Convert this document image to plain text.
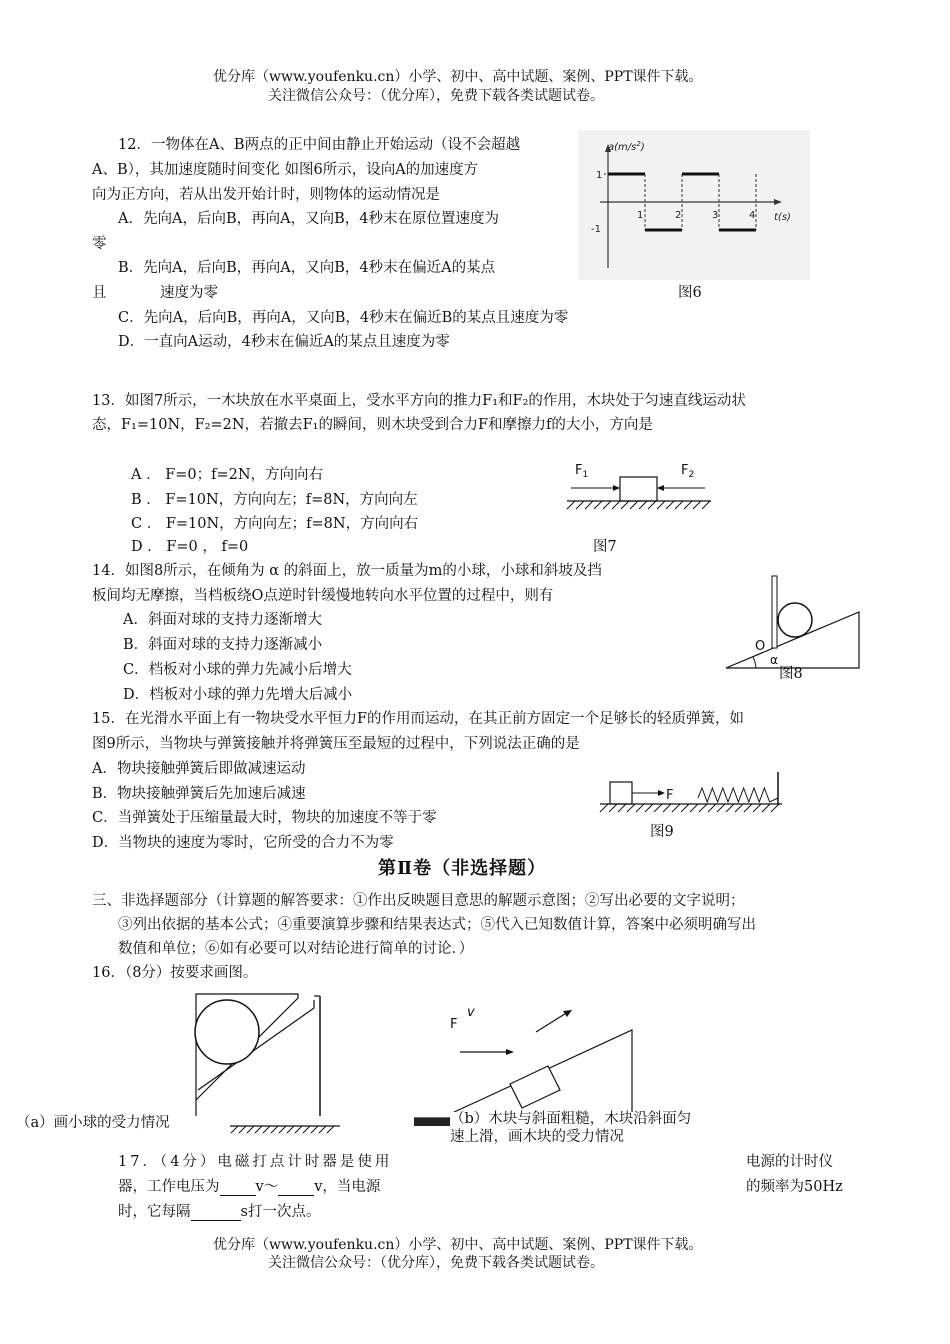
优分库（www.youfenku.cn）小学、初中、高中试题、案例、PPT课件下载。
关注微信公众号：（优分库），免费下载各类试题试卷。
12．一物体在A、B两点的正中间由静止开始运动（设不会超越
A、B），其加速度随时间变化 如图6所示，设向A的加速度方
向为正方向，若从出发开始计时，则物体的运动情况是
A．先向A，后向B，再向A，又向B，4秒末在原位置速度为
零
B．先向A，后向B，再向A，又向B，4秒末在偏近A的某点
且	速度为零
C．先向A，后向B，再向A，又向B，4秒末在偏近B的某点且速度为零
D．一直向A运动，4秒末在偏近A的某点且速度为零
$a(m/s^2)$
t(s)
1
-1
1	2	3	4
图6
13．如图7所示，一木块放在水平桌面上，受水平方向的推力F₁和F₂的作用，木块处于匀速直线运动状
态，F₁=10N，F₂=2N，若撤去F₁的瞬间，则木块受到合力F和摩擦力f的大小，方向是
A ． F=0；f=2N，方向向右
B ． F=10N，方向向左；f=8N，方向向左
C ． F=10N，方向向左；f=8N，方向向右
D ． F=0 ， f=0
$F_1$	$F_2$
图7
14．如图8所示，在倾角为 α 的斜面上，放一质量为m的小球，小球和斜坡及挡
板间均无摩擦，当档板绕O点逆时针缓慢地转向水平位置的过程中，则有
A．斜面对球的支持力逐渐增大
B．斜面对球的支持力逐渐减小
C．档板对小球的弹力先减小后增大
D．档板对小球的弹力先增大后减小
O
α
图8
15．在光滑水平面上有一物块受水平恒力F的作用而运动，在其正前方固定一个足够长的轻质弹簧，如
图9所示，当物块与弹簧接触并将弹簧压至最短的过程中，下列说法正确的是
A．物块接触弹簧后即做减速运动
B．物块接触弹簧后先加速后减速
C．当弹簧处于压缩量最大时，物块的加速度不等于零
D．当物块的速度为零时，它所受的合力不为零
F
图9
第Ⅱ卷（非选择题）
三、非选择题部分（计算题的解答要求：①作出反映题目意思的解题示意图；②写出必要的文字说明；
③列出依据的基本公式；④重要演算步骤和结果表达式；⑤代入已知数值计算，答案中必须明确写出
数值和单位；⑥如有必要可以对结论进行简单的讨论．）
16．（8分）按要求画图。
（a）画小球的受力情况
v
F
（b）木块与斜面粗糙，木块沿斜面匀
速上滑，画木块的受力情况
17．（4分）电磁打点计时器是使用	电源的计时仪
器，工作电压为 v～ v，当电源	的频率为50Hz
时，它每隔	s打一次点。
优分库（www.youfenku.cn）小学、初中、高中试题、案例、PPT课件下载。
关注微信公众号：（优分库），免费下载各类试题试卷。
